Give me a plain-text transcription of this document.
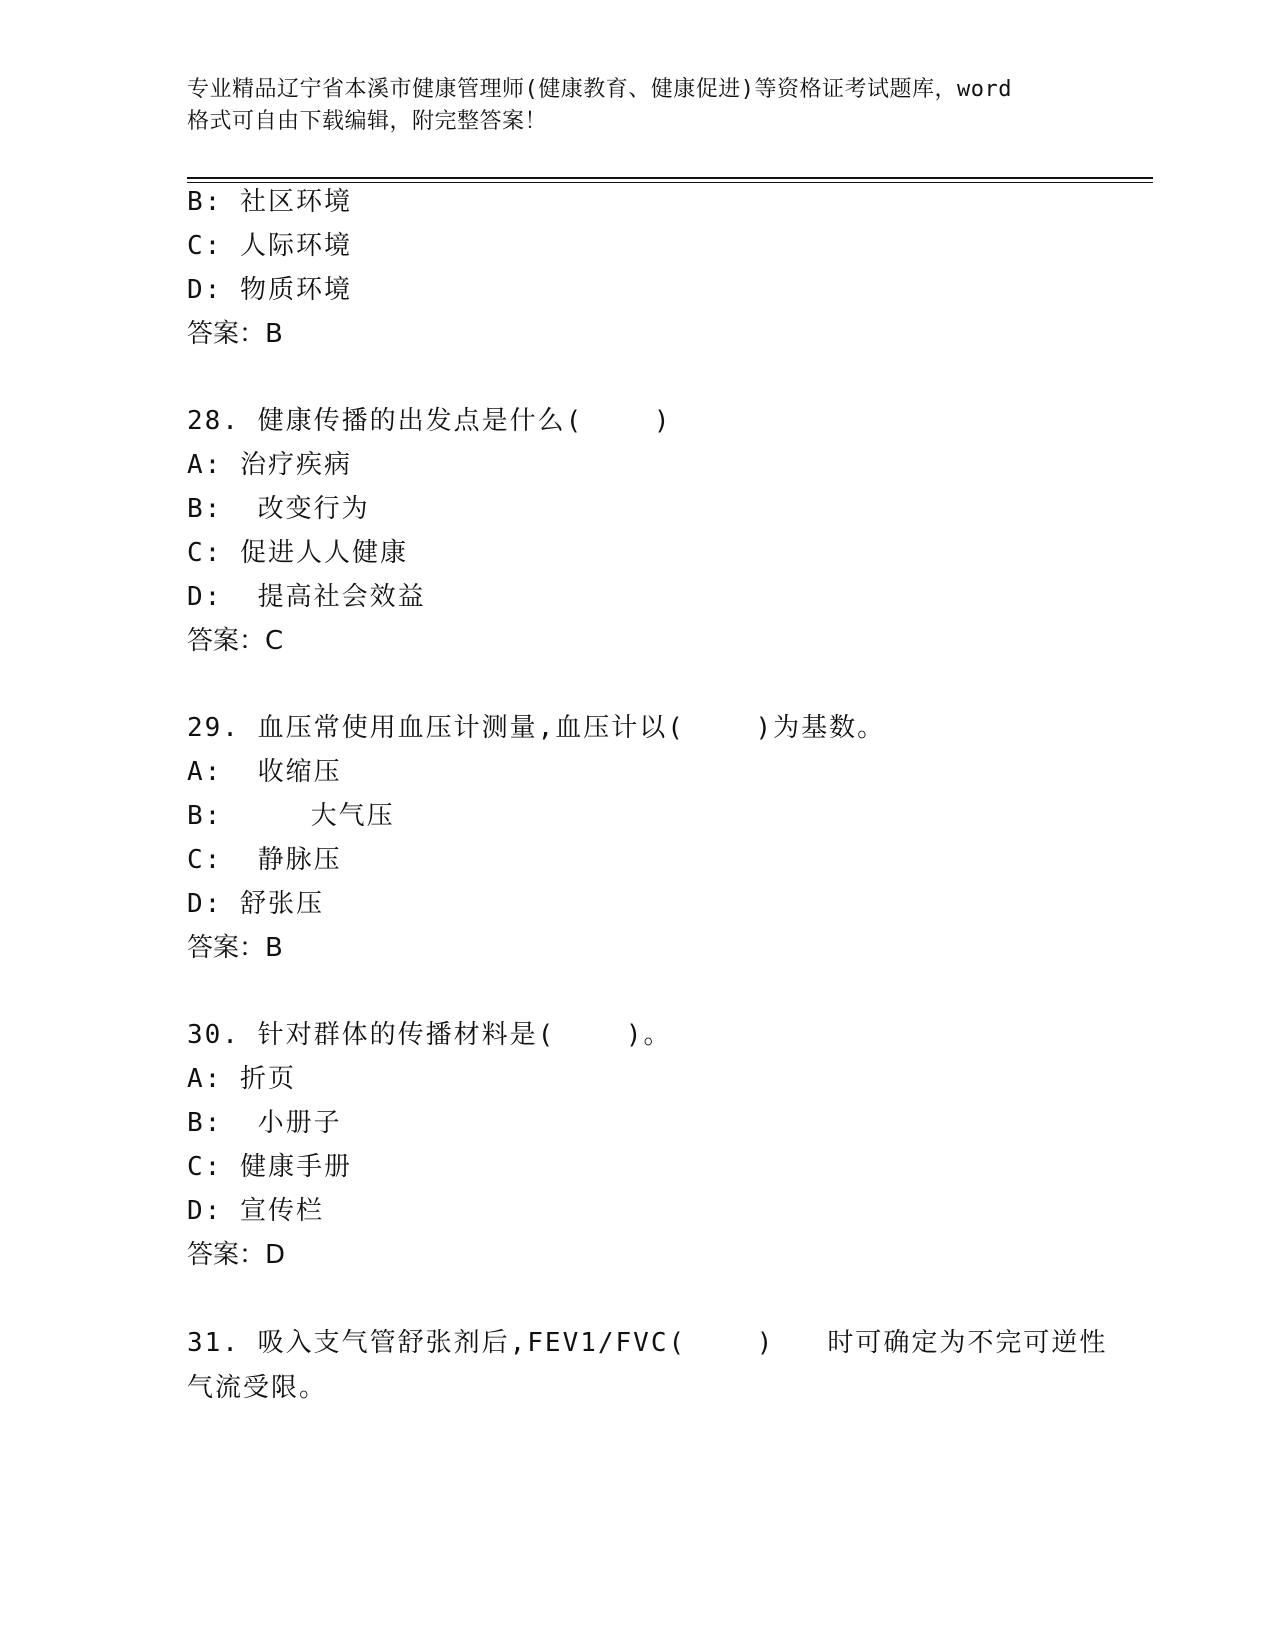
专业精品辽宁省本溪市健康管理师(健康教育、健康促进)等资格证考试题库，word
格式可自由下载编辑，附完整答案！
B: 社区环境
C: 人际环境
D: 物质环境
答案：B
28. 健康传播的出发点是什么(    )
A: 治疗疾病
B:  改变行为
C: 促进人人健康
D:  提高社会效益
答案：C
29. 血压常使用血压计测量,血压计以(    )为基数。
A:  收缩压
B:     大气压
C:  静脉压
D: 舒张压
答案：B
30. 针对群体的传播材料是(    )。
A: 折页
B:  小册子
C: 健康手册
D: 宣传栏
答案：D
31. 吸入支气管舒张剂后,FEV1/FVC(    )   时可确定为不完可逆性
气流受限。
